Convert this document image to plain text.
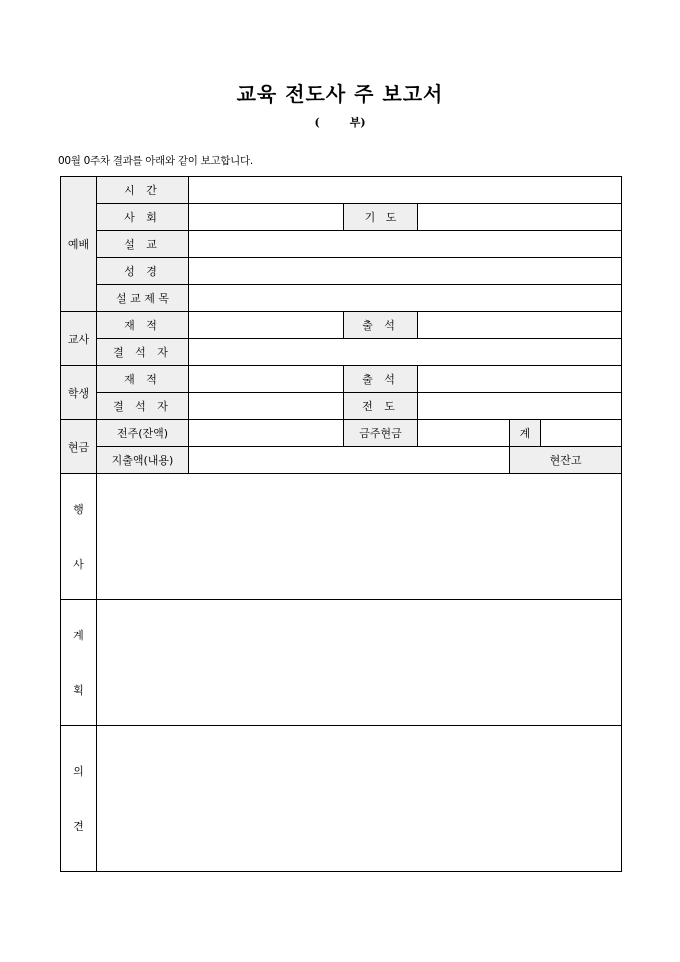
교육 전도사 주 보고서
(	부)
00월 0주차 결과를 아래와 같이 보고합니다.
예배	시 간						
	사 회		기   도				
	설 교						
	성 경						
	설 교 제 목						
교사	재 적		출 석				
	결 석 자						
학생	재 적		출 석				
	결 석 자		전 도				
현금	전주(잔액)		금주현금		계		
	지출액(내용)				현잔고		

행
사							

계
획							

의
견							
